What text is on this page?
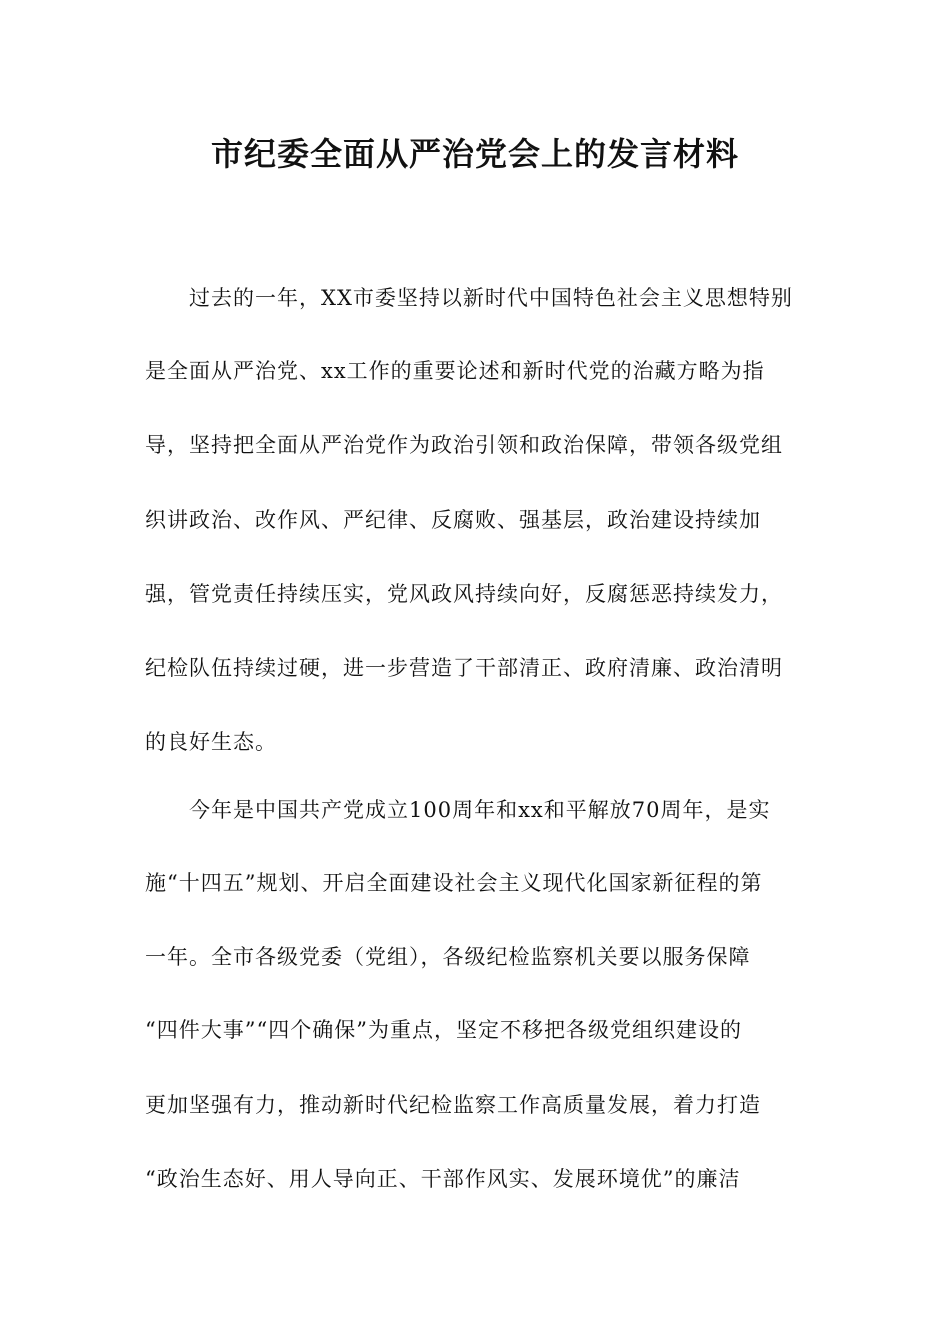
市纪委全面从严治党会上的发言材料
过去的一年，XX市委坚持以新时代中国特色社会主义思想特别
是全面从严治党、xx工作的重要论述和新时代党的治藏方略为指
导，坚持把全面从严治党作为政治引领和政治保障，带领各级党组
织讲政治、改作风、严纪律、反腐败、强基层，政治建设持续加
强，管党责任持续压实，党风政风持续向好，反腐惩恶持续发力，
纪检队伍持续过硬，进一步营造了干部清正、政府清廉、政治清明
的良好生态。
今年是中国共产党成立100周年和xx和平解放70周年，是实
施“十四五”规划、开启全面建设社会主义现代化国家新征程的第
一年。全市各级党委（党组），各级纪检监察机关要以服务保障
“四件大事”“四个确保”为重点，坚定不移把各级党组织建设的
更加坚强有力，推动新时代纪检监察工作高质量发展，着力打造
“政治生态好、用人导向正、干部作风实、发展环境优”的廉洁
